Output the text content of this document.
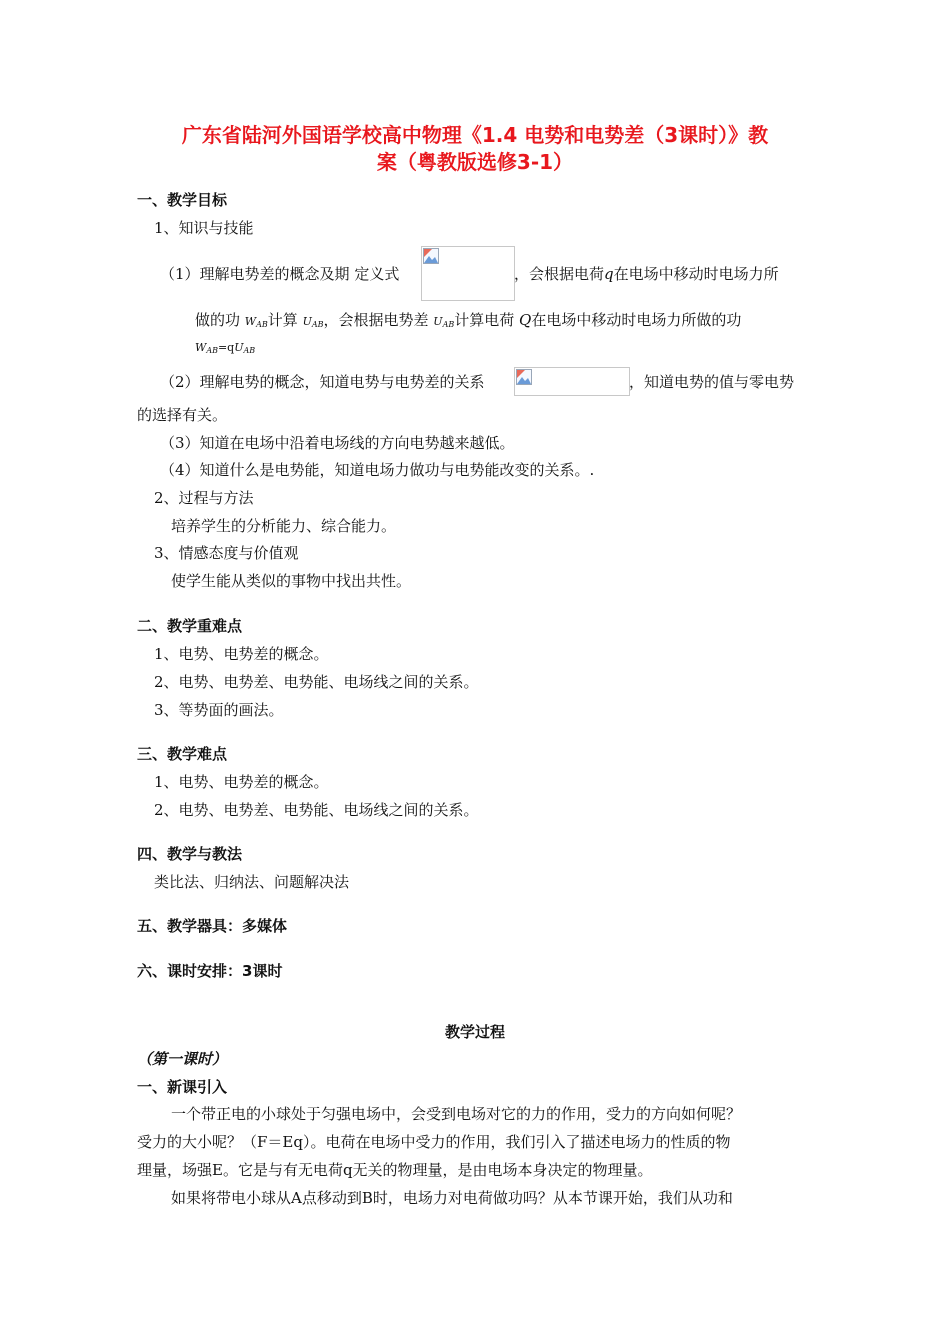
广东省陆河外国语学校高中物理《1.4 电势和电势差（3课时）》教
案（粤教版选修3-1）
一、教学目标
1、知识与技能
（1）理解电势差的概念及期 定义式	，会根据电荷q在电场中移动时电场力所
做的功 $W_{AB}$计算 $U_{AB}$，会根据电势差 $U_{AB}$计算电荷 Q在电场中移动时电场力所做的功
$W_{AB}=qU_{AB}$
（2）理解电势的概念，知道电势与电势差的关系	，知道电势的值与零电势
的选择有关。
（3）知道在电场中沿着电场线的方向电势越来越低。
（4）知道什么是电势能，知道电场力做功与电势能改变的关系。.
2、过程与方法
培养学生的分析能力、综合能力。
3、情感态度与价值观
使学生能从类似的事物中找出共性。
二、教学重难点
1、电势、电势差的概念。
2、电势、电势差、电势能、电场线之间的关系。
3、等势面的画法。
三、教学难点
1、电势、电势差的概念。
2、电势、电势差、电势能、电场线之间的关系。
四、教学与教法
类比法、归纳法、问题解决法
五、教学器具：多媒体
六、课时安排：3课时
教学过程
（第一课时）
一、新课引入
一个带正电的小球处于匀强电场中，会受到电场对它的力的作用，受力的方向如何呢？
受力的大小呢？（F＝Eq）。电荷在电场中受力的作用，我们引入了描述电场力的性质的物
理量，场强E。它是与有无电荷q无关的物理量，是由电场本身决定的物理量。
如果将带电小球从A点移动到B时，电场力对电荷做功吗？从本节课开始，我们从功和
